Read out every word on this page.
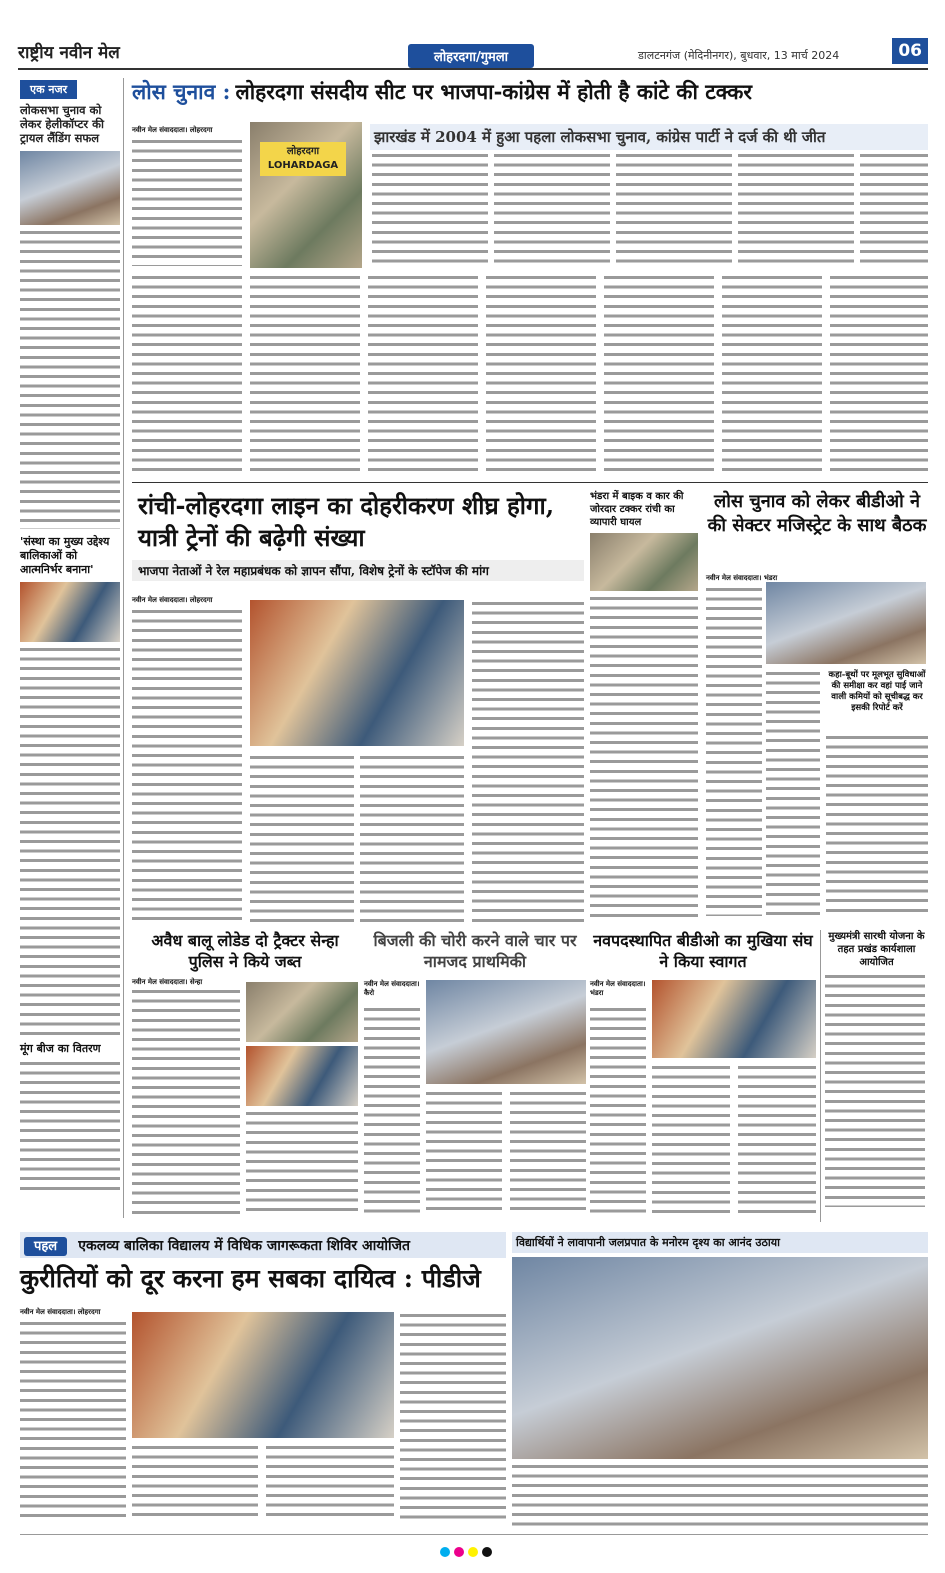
राष्ट्रीय नवीन मेल	लोहरदगा/गुमला	डालटनगंज (मेदिनीनगर), बुधवार, 13 मार्च 2024	06
एक नजर
लोकसभा चुनाव को लेकर हेलीकॉप्टर की ट्रायल लैंडिंग सफल
'संस्था का मुख्य उद्देश्य बालिकाओं को आत्मनिर्भर बनाना'
मूंग बीज का वितरण
लोस चुनाव : लोहरदगा संसदीय सीट पर भाजपा-कांग्रेस में होती है कांटे की टक्कर
लोहरदगा LOHARDAGA
नवीन मेल संवाददाता। लोहरदगा	झारखंड में 2004 में हुआ पहला लोकसभा चुनाव, कांग्रेस पार्टी ने दर्ज की थी जीत
रांची-लोहरदगा लाइन का दोहरीकरण शीघ्र होगा, यात्री ट्रेनों की बढ़ेगी संख्या
भाजपा नेताओं ने रेल महाप्रबंधक को ज्ञापन सौंपा, विशेष ट्रेनों के स्टॉपेज की मांग
नवीन मेल संवाददाता। लोहरदगा
भंडरा में बाइक व कार की जोरदार टक्कर रांची का व्यापारी घायल
लोस चुनाव को लेकर बीडीओ ने की सेक्टर मजिस्ट्रेट के साथ बैठक
नवीन मेल संवाददाता। भंडरा
कहा-बूथों पर मूलभूत सुविधाओं की समीक्षा कर वहां पाई जाने वाली कमियों को सूचीबद्ध कर इसकी रिपोर्ट करें
अवैध बालू लोडेड दो ट्रैक्टर सेन्हा पुलिस ने किये जब्त
नवीन मेल संवाददाता। सेन्हा
बिजली की चोरी करने वाले चार पर नामजद प्राथमिकी
नवीन मेल संवाददाता। कैरो
नवपदस्थापित बीडीओ का मुखिया संघ ने किया स्वागत
नवीन मेल संवाददाता। भंडरा
मुख्यमंत्री सारथी योजना के तहत प्रखंड कार्यशाला आयोजित
पहल एकलव्य बालिका विद्यालय में विधिक जागरूकता शिविर आयोजित
कुरीतियों को दूर करना हम सबका दायित्व : पीडीजे
नवीन मेल संवाददाता। लोहरदगा
विद्यार्थियों ने लावापानी जलप्रपात के मनोरम दृश्य का आनंद उठाया
